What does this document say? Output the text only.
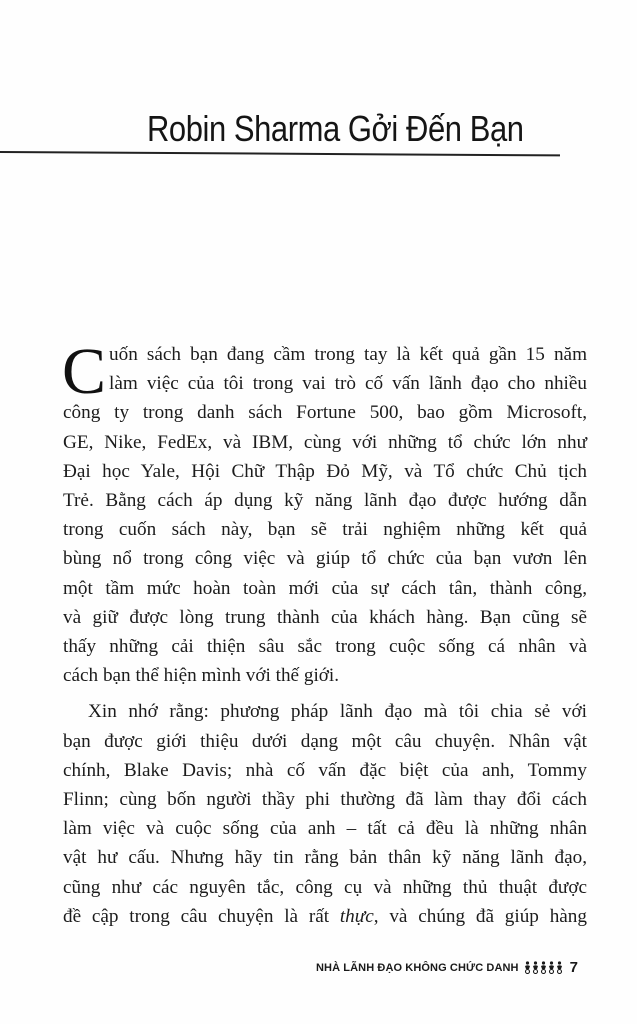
Robin Sharma Gởi Đến Bạn

C uốn sách bạn đang cầm trong tay là kết quả gần 15 năm
làm việc của tôi trong vai trò cố vấn lãnh đạo cho nhiều
công ty trong danh sách Fortune 500, bao gồm Microsoft,
GE, Nike, FedEx, và IBM, cùng với những tổ chức lớn như
Đại học Yale, Hội Chữ Thập Đỏ Mỹ, và Tổ chức Chủ tịch
Trẻ. Bằng cách áp dụng kỹ năng lãnh đạo được hướng dẫn
trong cuốn sách này, bạn sẽ trải nghiệm những kết quả
bùng nổ trong công việc và giúp tổ chức của bạn vươn lên
một tầm mức hoàn toàn mới của sự cách tân, thành công,
và giữ được lòng trung thành của khách hàng. Bạn cũng sẽ
thấy những cải thiện sâu sắc trong cuộc sống cá nhân và
cách bạn thể hiện mình với thế giới.

Xin nhớ rằng: phương pháp lãnh đạo mà tôi chia sẻ với
bạn được giới thiệu dưới dạng một câu chuyện. Nhân vật
chính, Blake Davis; nhà cố vấn đặc biệt của anh, Tommy
Flinn; cùng bốn người thầy phi thường đã làm thay đổi cách
làm việc và cuộc sống của anh – tất cả đều là những nhân
vật hư cấu. Nhưng hãy tin rằng bản thân kỹ năng lãnh đạo,
cũng như các nguyên tắc, công cụ và những thủ thuật được
đề cập trong câu chuyện là rất thực, và chúng đã giúp hàng

NHÀ LÃNH ĐẠO KHÔNG CHỨC DANH	7
